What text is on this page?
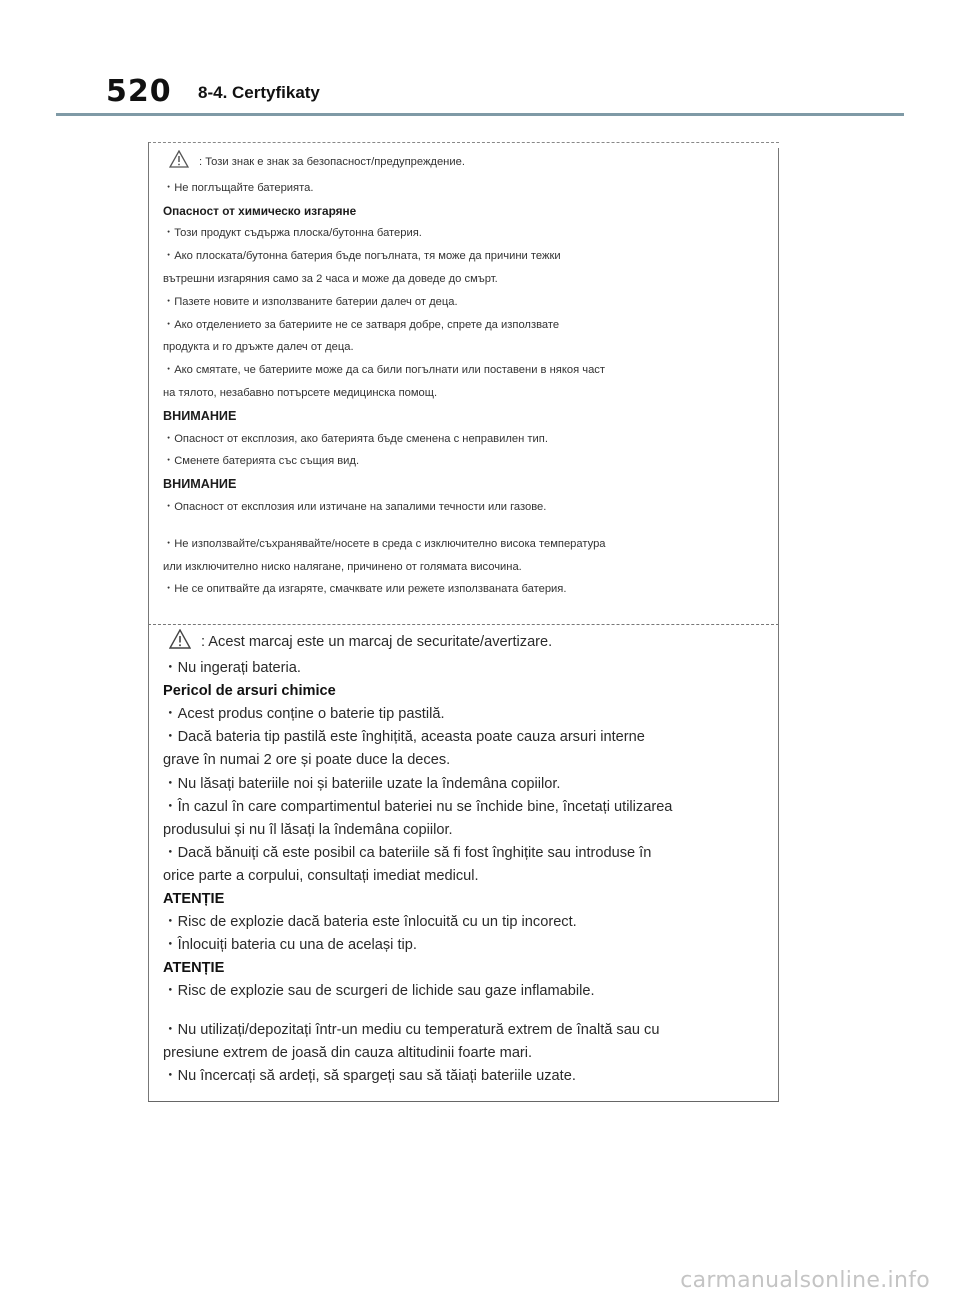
520 8-4. Certyfikaty
: Този знак е знак за безопасност/предупреждение.
・Не поглъщайте батерията.
Опасност от химическо изгаряне
・Този продукт съдържа плоска/бутонна батерия.
・Ако плоската/бутонна батерия бъде погълната, тя може да причини тежки
вътрешни изгаряния само за 2 часа и може да доведе до смърт.
・Пазете новите и използваните батерии далеч от деца.
・Ако отделението за батериите не се затваря добре, спрете да използвате
продукта и го дръжте далеч от деца.
・Ако смятате, че батериите може да са били погълнати или поставени в някоя част
на тялото, незабавно потърсете медицинска помощ.
ВНИМАНИЕ
・Опасност от експлозия, ако батерията бъде сменена с неправилен тип.
・Сменете батерията със същия вид.
ВНИМАНИЕ
・Опасност от експлозия или изтичане на запалими течности или газове.
・Не използвайте/съхранявайте/носете в среда с изключително висока температура
или изключително ниско налягане, причинено от голямата височина.
・Не се опитвайте да изгаряте, смачквате или режете използваната батерия.
: Acest marcaj este un marcaj de securitate/avertizare.
・Nu ingerați bateria.
Pericol de arsuri chimice
・Acest produs conține o baterie tip pastilă.
・Dacă bateria tip pastilă este înghițită, aceasta poate cauza arsuri interne
grave în numai 2 ore și poate duce la deces.
・Nu lăsați bateriile noi și bateriile uzate la îndemâna copiilor.
・În cazul în care compartimentul bateriei nu se închide bine, încetați utilizarea
produsului și nu îl lăsați la îndemâna copiilor.
・Dacă bănuiți că este posibil ca bateriile să fi fost înghițite sau introduse în
orice parte a corpului, consultați imediat medicul.
ATENȚIE
・Risc de explozie dacă bateria este înlocuită cu un tip incorect.
・Înlocuiți bateria cu una de același tip.
ATENȚIE
・Risc de explozie sau de scurgeri de lichide sau gaze inflamabile.
・Nu utilizați/depozitați într-un mediu cu temperatură extrem de înaltă sau cu
presiune extrem de joasă din cauza altitudinii foarte mari.
・Nu încercați să ardeți, să spargeți sau să tăiați bateriile uzate.
carmanualsonline.info
